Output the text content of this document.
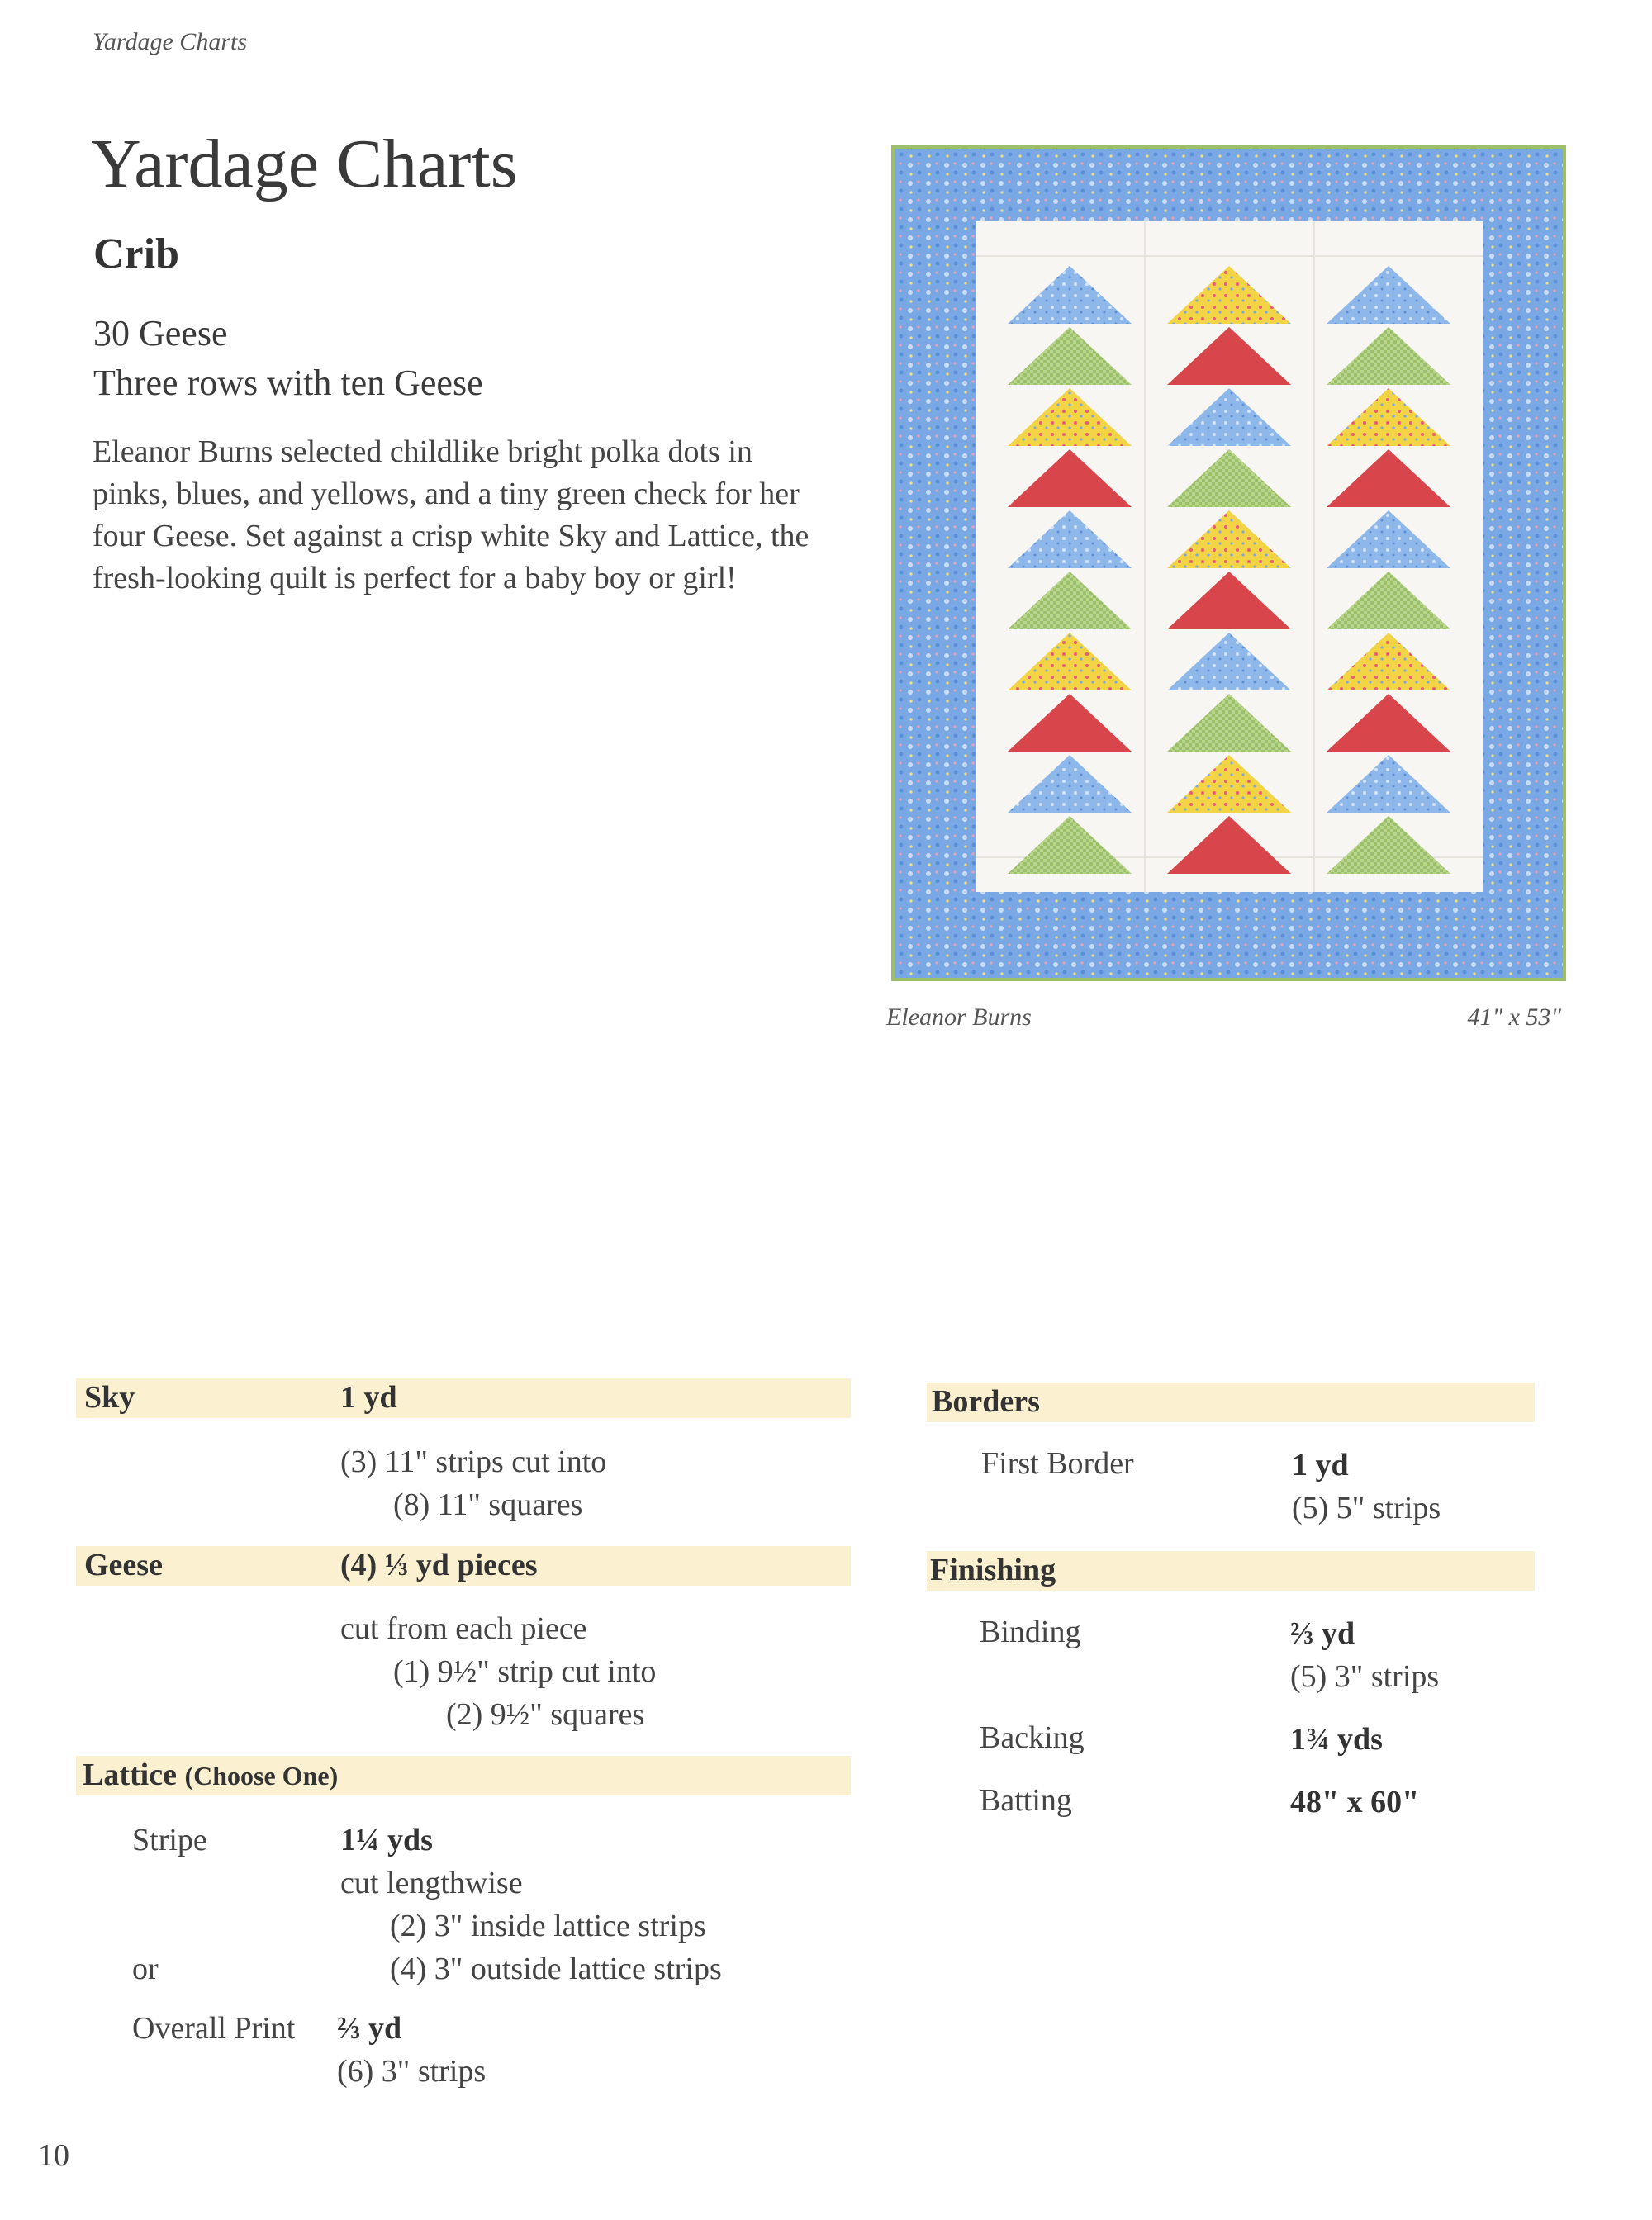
Yardage Charts
Yardage Charts
Crib
30 Geese
Three rows with ten Geese
Eleanor Burns selected childlike bright polka dots in pinks, blues, and yellows, and a tiny green check for her four Geese. Set against a crisp white Sky and Lattice, the fresh-looking quilt is perfect for a baby boy or girl!
Eleanor Burns	41" x 53"
Sky	1 yd
(3) 11" strips cut into
(8) 11" squares
Geese	(4) ⅓ yd pieces
cut from each piece
(1) 9½" strip cut into
(2) 9½" squares
Lattice (Choose One)
Stripe	1¼ yds
cut lengthwise
(2) 3" inside lattice strips
or	(4) 3" outside lattice strips
Overall Print ⅔ yd
(6) 3" strips
Borders
First Border	1 yd
(5) 5" strips
Finishing
Binding	⅔ yd
(5) 3" strips
Backing	1¾ yds
Batting	48" x 60"
10
